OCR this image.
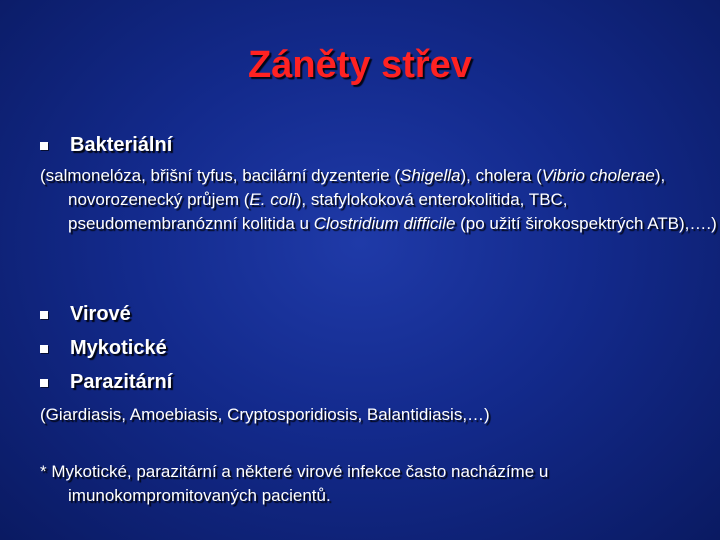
Záněty střev
Bakteriální
(salmonelóza, břišní tyfus, bacilární dyzenterie (Shigella), cholera (Vibrio cholerae), novorozenecký průjem (E. coli), stafylokoková enterokolitida, TBC, pseudomembranóznní kolitida u Clostridium difficile (po užití širokospektrých ATB),….)
Virové
Mykotické
Parazitární
(Giardiasis, Amoebiasis, Cryptosporidiosis, Balantidiasis,…)
* Mykotické, parazitární a některé virové infekce často nacházíme u imunokompromitovaných pacientů.
